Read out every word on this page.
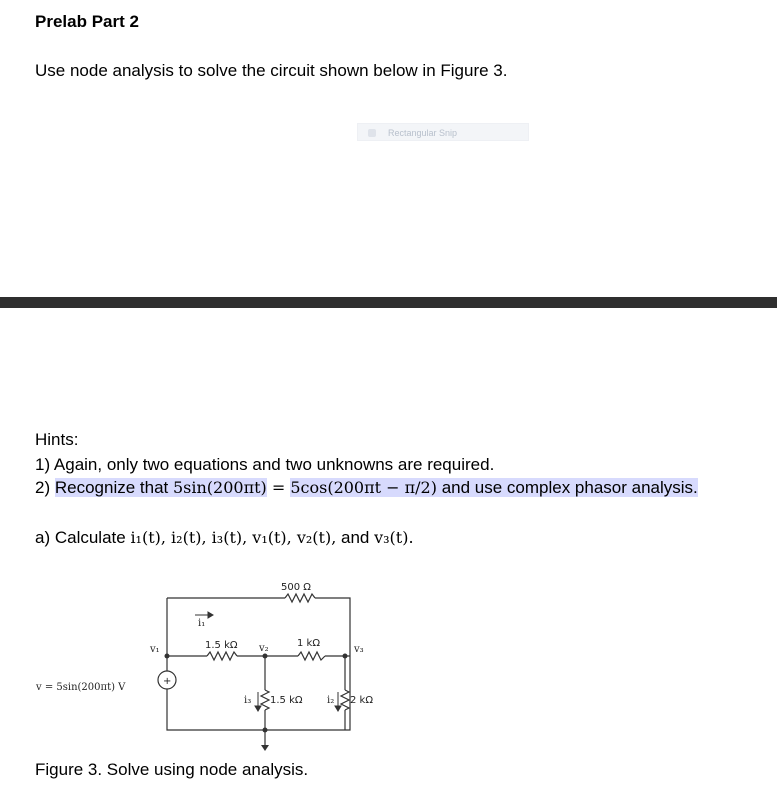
Prelab Part 2
Use node analysis to solve the circuit shown below in Figure 3.
Rectangular Snip
Hints:
1) Again, only two equations and two unknowns are required.
2) Recognize that 5sin(200πt) = 5cos(200πt − π/2) and use complex phasor analysis.
a) Calculate i₁(t), i₂(t), i₃(t), v₁(t), v₂(t), and v₃(t).
+
500 Ω
1.5 kΩ	1 kΩ
1.5 kΩ	2 kΩ
v₁	v₂	v₃
i₁
i₃	i₂
v = 5sin(200πt) V
Figure 3. Solve using node analysis.
